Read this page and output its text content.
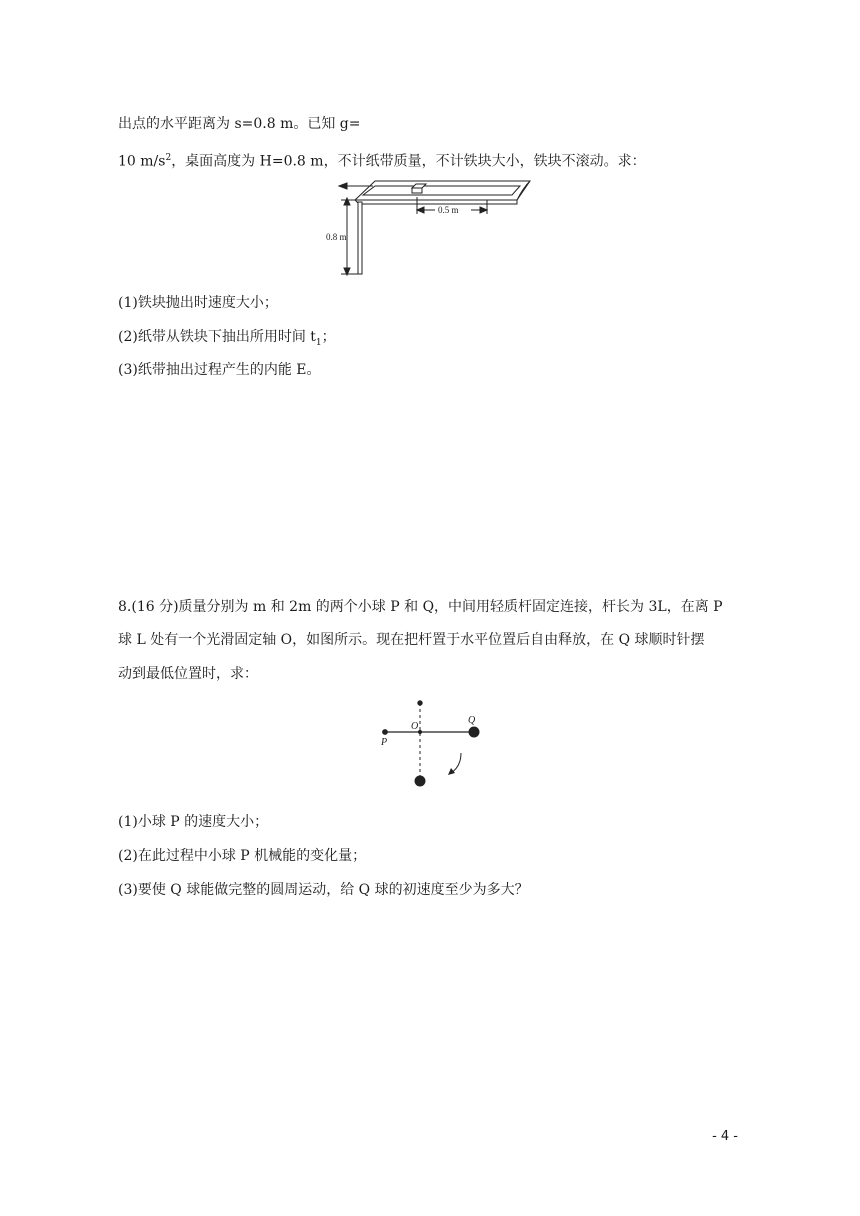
出点的水平距离为 s=0.8 m。已知 g=
10 $m/s^2$，桌面高度为 H=0.8 m，不计纸带质量，不计铁块大小，铁块不滚动。求：
0.8 m
0.5 m
(1)铁块抛出时速度大小；
(2)纸带从铁块下抽出所用时间 $t_1$；
(3)纸带抽出过程产生的内能 E。
8.(16 分)质量分别为 m 和 2m 的两个小球 P 和 Q，中间用轻质杆固定连接，杆长为 3L，在离 P
球 L 处有一个光滑固定轴 O，如图所示。现在把杆置于水平位置后自由释放，在 Q 球顺时针摆
动到最低位置时，求：
O
P
Q
(1)小球 P 的速度大小；
(2)在此过程中小球 P 机械能的变化量；
(3)要使 Q 球能做完整的圆周运动，给 Q 球的初速度至少为多大？
- 4 -
